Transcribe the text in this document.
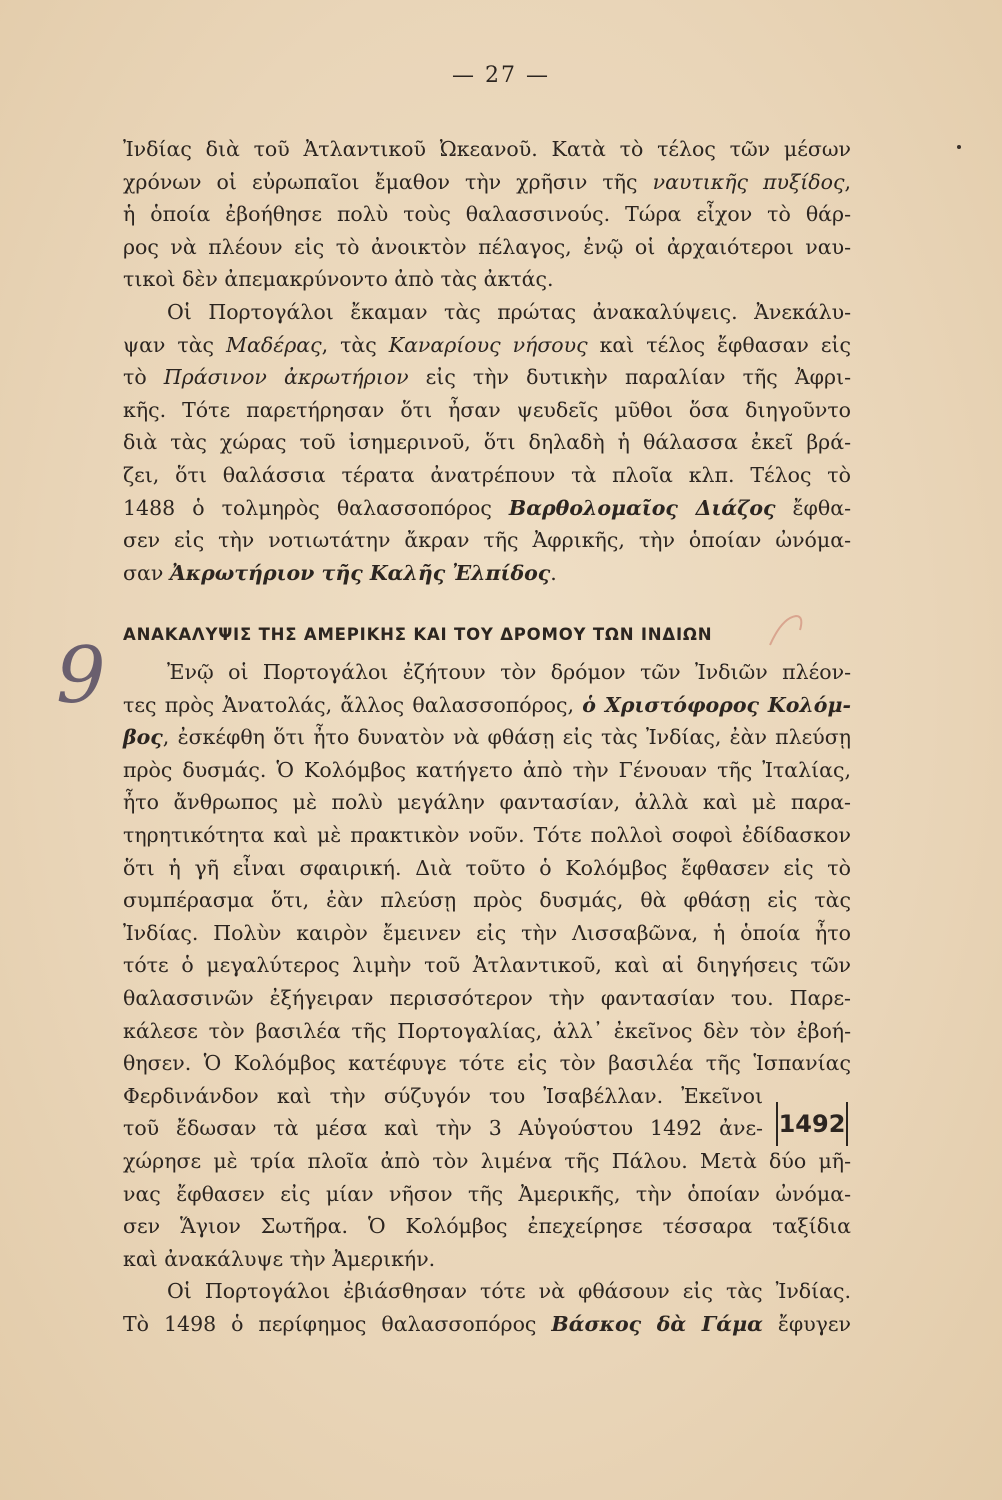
— 27 —
Ἰνδίας διὰ τοῦ Ἀτλαντικοῦ Ὠκεανοῦ. Κατὰ τὸ τέλος τῶν μέσων
χρόνων οἱ εὐρωπαῖοι ἔμαθον τὴν χρῆσιν τῆς ναυτικῆς πυξίδος,
ἡ ὁποία ἐβοήθησε πολὺ τοὺς θαλασσινούς. Τώρα εἶχον τὸ θάρ-
ρος νὰ πλέουν εἰς τὸ ἀνοικτὸν πέλαγος, ἐνῷ οἱ ἀρχαιότεροι ναυ-
τικοὶ δὲν ἀπεμακρύνοντο ἀπὸ τὰς ἀκτάς.
Οἱ Πορτογάλοι ἔκαμαν τὰς πρώτας ἀνακαλύψεις. Ἀνεκάλυ-
ψαν τὰς Μαδέρας, τὰς Καναρίους νήσους καὶ τέλος ἔφθασαν εἰς
τὸ Πράσινον ἀκρωτήριον εἰς τὴν δυτικὴν παραλίαν τῆς Ἀφρι-
κῆς. Τότε παρετήρησαν ὅτι ἦσαν ψευδεῖς μῦθοι ὅσα διηγοῦντο
διὰ τὰς χώρας τοῦ ἰσημερινοῦ, ὅτι δηλαδὴ ἡ θάλασσα ἐκεῖ βρά-
ζει, ὅτι θαλάσσια τέρατα ἀνατρέπουν τὰ πλοῖα κλπ. Τέλος τὸ
1488 ὁ τολμηρὸς θαλασσοπόρος Βαρθολομαῖος Διάζος ἔφθα-
σεν εἰς τὴν νοτιωτάτην ἄκραν τῆς Ἀφρικῆς, τὴν ὁποίαν ὠνόμα-
σαν Ἀκρωτήριον τῆς Καλῆς Ἐλπίδος.
ΑΝΑΚΑΛΥΨΙΣ ΤΗΣ ΑΜΕΡΙΚΗΣ ΚΑΙ ΤΟΥ ΔΡΟΜΟΥ ΤΩΝ ΙΝΔΙΩΝ
9	Ἐνῷ οἱ Πορτογάλοι ἐζήτουν τὸν δρόμον τῶν Ἰνδιῶν πλέον-
τες πρὸς Ἀνατολάς, ἄλλος θαλασσοπόρος, ὁ Χριστόφορος Κολόμ-
βος, ἐσκέφθη ὅτι ἦτο δυνατὸν νὰ φθάσῃ εἰς τὰς Ἰνδίας, ἐὰν πλεύσῃ
πρὸς δυσμάς. Ὁ Κολόμβος κατήγετο ἀπὸ τὴν Γένουαν τῆς Ἰταλίας,
ἦτο ἄνθρωπος μὲ πολὺ μεγάλην φαντασίαν, ἀλλὰ καὶ μὲ παρα-
τηρητικότητα καὶ μὲ πρακτικὸν νοῦν. Τότε πολλοὶ σοφοὶ ἐδίδασκον
ὅτι ἡ γῆ εἶναι σφαιρική. Διὰ τοῦτο ὁ Κολόμβος ἔφθασεν εἰς τὸ
συμπέρασμα ὅτι, ἐὰν πλεύσῃ πρὸς δυσμάς, θὰ φθάσῃ εἰς τὰς
Ἰνδίας. Πολὺν καιρὸν ἔμεινεν εἰς τὴν Λισσαβῶνα, ἡ ὁποία ἦτο
τότε ὁ μεγαλύτερος λιμὴν τοῦ Ἀτλαντικοῦ, καὶ αἱ διηγήσεις τῶν
θαλασσινῶν ἐξήγειραν περισσότερον τὴν φαντασίαν του. Παρε-
κάλεσε τὸν βασιλέα τῆς Πορτογαλίας, ἀλλ᾽ ἐκεῖνος δὲν τὸν ἐβοή-
θησεν. Ὁ Κολόμβος κατέφυγε τότε εἰς τὸν βασιλέα τῆς Ἱσπανίας
Φερδινάνδον καὶ τὴν σύζυγόν του Ἰσαβέλλαν. Ἐκεῖνοι
τοῦ ἔδωσαν τὰ μέσα καὶ τὴν 3 Αὐγούστου 1492 ἀνε-
χώρησε μὲ τρία πλοῖα ἀπὸ τὸν λιμένα τῆς Πάλου. Μετὰ δύο μῆ-
νας ἔφθασεν εἰς μίαν νῆσον τῆς Ἀμερικῆς, τὴν ὁποίαν ὠνόμα-
σεν Ἅγιον Σωτῆρα. Ὁ Κολόμβος ἐπεχείρησε τέσσαρα ταξίδια
καὶ ἀνακάλυψε τὴν Ἀμερικήν.
Οἱ Πορτογάλοι ἐβιάσθησαν τότε νὰ φθάσουν εἰς τὰς Ἰνδίας.
Τὸ 1498 ὁ περίφημος θαλασσοπόρος Βάσκος δὰ Γάμα ἔφυγεν
1492
